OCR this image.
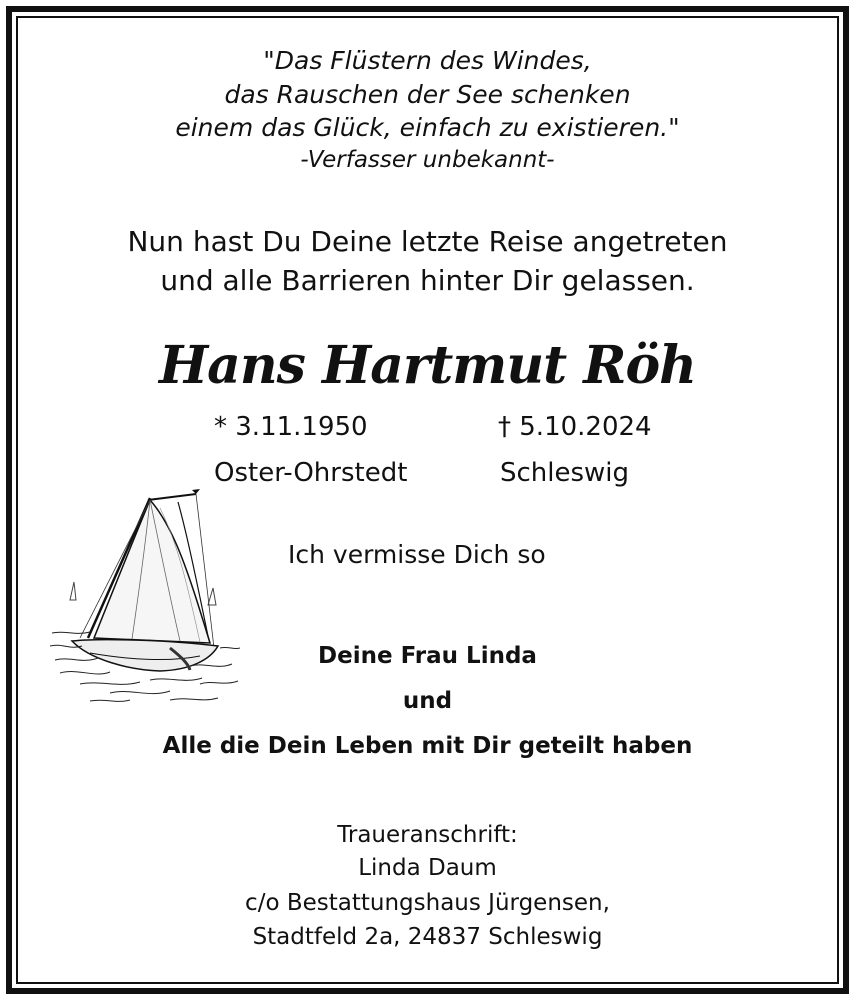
"Das Flüstern des Windes,
das Rauschen der See schenken
einem das Glück, einfach zu existieren."
-Verfasser unbekannt-
Nun hast Du Deine letzte Reise angetreten
und alle Barrieren hinter Dir gelassen.
Hans Hartmut Röh
* 3.11.1950	† 5.10.2024
Oster-Ohrstedt	Schleswig
Ich vermisse Dich so
Deine Frau Linda
und
Alle die Dein Leben mit Dir geteilt haben
Traueranschrift:
Linda Daum
c/o Bestattungshaus Jürgensen,
Stadtfeld 2a, 24837 Schleswig
